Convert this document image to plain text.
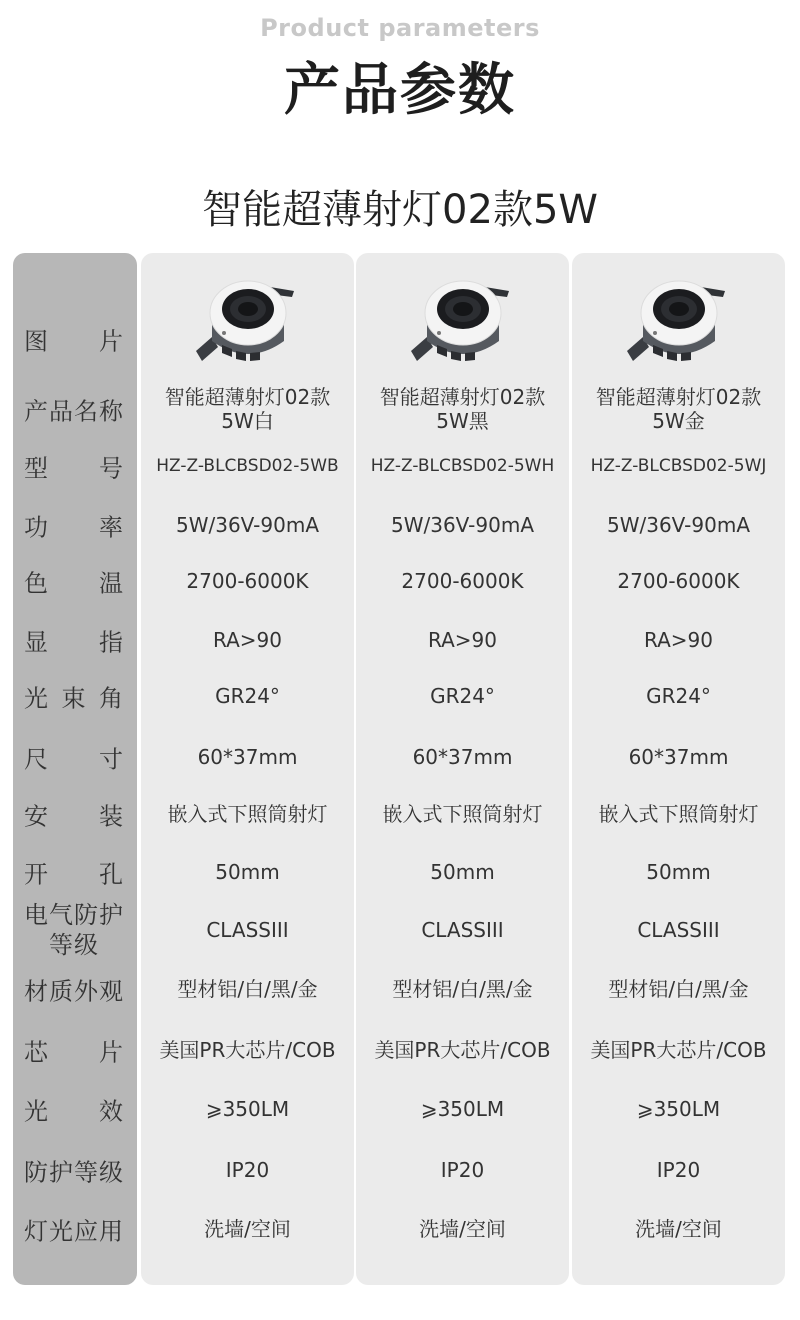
Product parameters
产品参数
智能超薄射灯02款5W
图 片
产品名称
型 号
功 率
色 温
显 指
光 束 角
尺 寸
安 装
开 孔
电气防护
等级
材质外观
芯 片
光 效
防护等级
灯光应用
智能超薄射灯02款
5W白
HZ-Z-BLCBSD02-5WB
5W/36V-90mA
2700-6000K
RA>90
GR24°
60*37mm
嵌入式下照筒射灯
50mm
CLASSIII
型材铝/白/黑/金
美国PR大芯片/COB
⩾350LM
IP20
洗墙/空间
智能超薄射灯02款
5W黑
HZ-Z-BLCBSD02-5WH
5W/36V-90mA
2700-6000K
RA>90
GR24°
60*37mm
嵌入式下照筒射灯
50mm
CLASSIII
型材铝/白/黑/金
美国PR大芯片/COB
⩾350LM
IP20
洗墙/空间
智能超薄射灯02款
5W金
HZ-Z-BLCBSD02-5WJ
5W/36V-90mA
2700-6000K
RA>90
GR24°
60*37mm
嵌入式下照筒射灯
50mm
CLASSIII
型材铝/白/黑/金
美国PR大芯片/COB
⩾350LM
IP20
洗墙/空间
